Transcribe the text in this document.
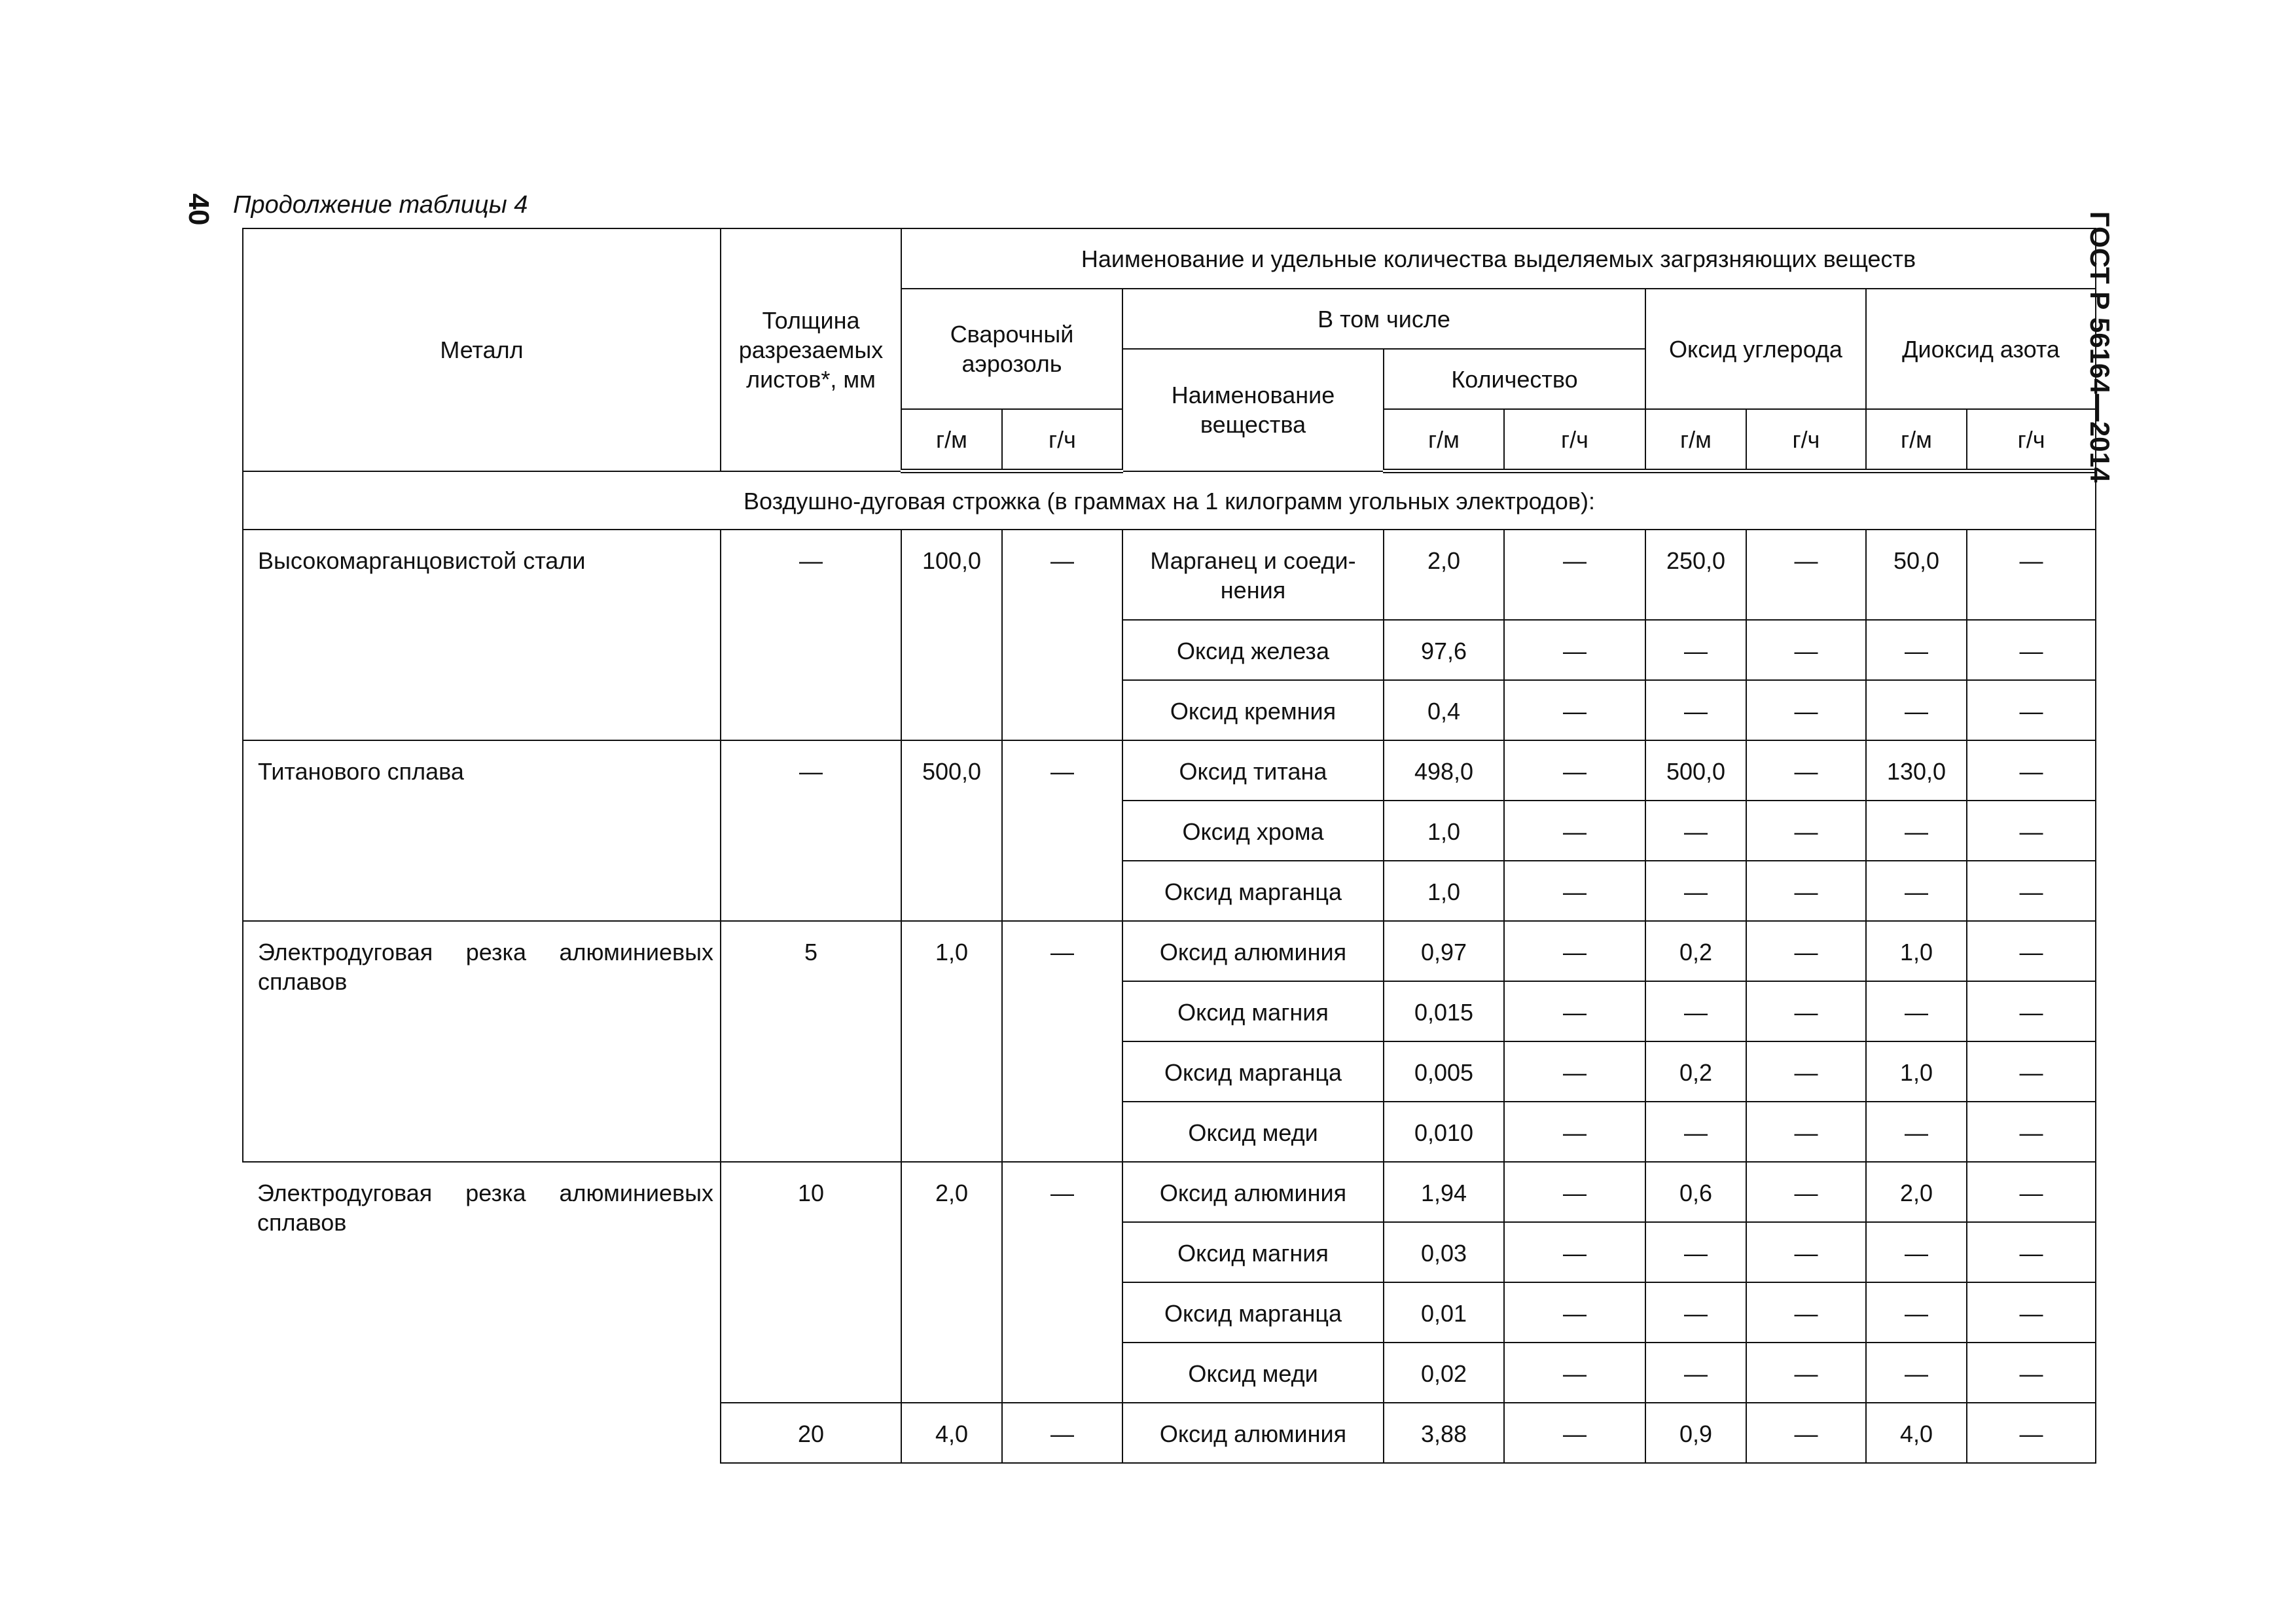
40 Продолжение таблицы 4
ГОСТ Р 56164—2014
Металл	Толщина разрезаемых листов*, мм	Наименование и удельные количества выделяемых загрязняющих веществ								
		Сварочный аэрозоль		В том числе			Оксид углерода		Диоксид азота	
				Наименование вещества	Количество					
		г/м	г/ч		г/м	г/ч	г/м	г/ч	г/м	г/ч
Воздушно-дуговая строжка (в граммах на 1 килограмм угольных электродов):										
Высокомарганцовистой стали	—	100,0	—	Марганец и соеди-нения	2,0	—	250,0	—	50,0	—
				Оксид железа	97,6	—	—	—	—	—
				Оксид кремния	0,4	—	—	—	—	—
Титанового сплава	—	500,0	—	Оксид титана	498,0	—	500,0	—	130,0	—
				Оксид хрома	1,0	—	—	—	—	—
				Оксид марганца	1,0	—	—	—	—	—
Электродуговая резка алюминиевых сплавов	5	1,0	—	Оксид алюминия	0,97	—	0,2	—	1,0	—
				Оксид магния	0,015	—	—	—	—	—
				Оксид марганца	0,005	—	0,2	—	1,0	—
				Оксид меди	0,010	—	—	—	—	—
Электродуговая резка алюминиевых сплавов	10	2,0	—	Оксид алюминия	1,94	—	0,6	—	2,0	—
				Оксид магния	0,03	—	—	—	—	—
				Оксид марганца	0,01	—	—	—	—	—
				Оксид меди	0,02	—	—	—	—	—
	20	4,0	—	Оксид алюминия	3,88	—	0,9	—	4,0	—
